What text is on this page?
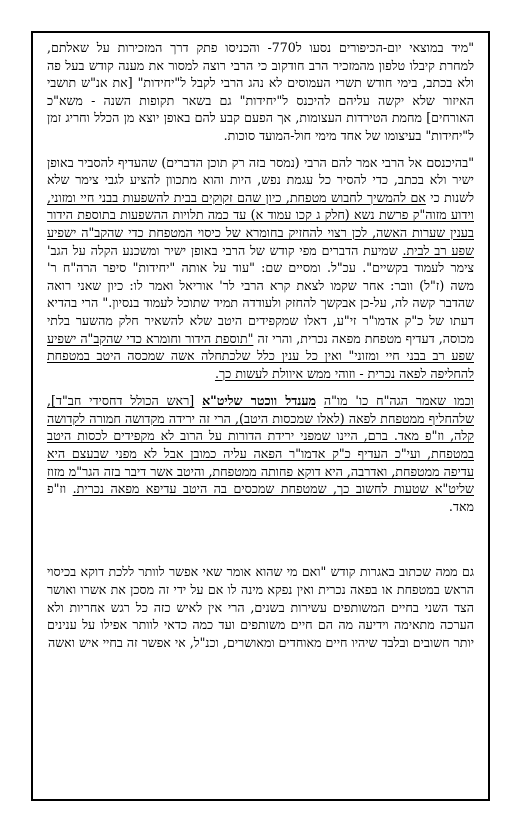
"מיד במוצאי יום-הכיפורים נסעו ל770- והכניסו פתק דרך המזכירות על שאלתם, למחרת קיבלו טלפון מהמזכיר הרב חודקוב כי הרבי רוצה למסור את מענה קודש בעל פה ולא בכתב, בימי חודש תשרי העמוסים לא נהג הרבי לקבל ל"יחידות" [את אנ"ש תושבי האיזור שלא יקשה עליהם להיכנס ל"יחידות" גם בשאר תקופות השנה - משא"כ האורחים] מחמת הטירדות העצומות, אך הפעם קבע להם באופן יוצא מן הכלל וחריג זמן ל"יחידות" בעיצומו של אחד מימי חול-המועד סוכות.

"בהיכנסם אל הרבי אמר להם הרבי (נמסר בזה רק תוכן הדברים) שהעדיף להסביר באופן ישיר ולא בכתב, כדי להסיר כל עגמת נפש, היות והוא מתכוון להציע לגבי צימר שלא לשנות כי אם להמשיך לחבוש מטפחת, כיון שהם זקוקים בבית להשפעות בבני חיי ומזוני, וידוע מזוה"ק פרשת נשא (חלק ג קכו עמוד א) עד כמה תלויות ההשפעות בתוספת הידור בענין שערות האשה, לכן רצוי להחזיק בחומרא של כיסוי המטפחת כדי שהקב"ה ישפיע שפע רב לבית. שמיעת הדברים מפי קודש של הרבי באופן ישיר ומשכנע הקלה על הגב' צימר לעמוד בקשיים". עכ"ל. ומסיים שם: "עוד על אותה "יחידות" סיפר הרה"ח ר' משה (ז"ל) וובר: אחר שקמו לצאת קרא הרבי לר' אוריאל ואמר לו: כיון שאני רואה שהדבר קשה לה, על-כן אבקשך להחזק ולעודדה תמיד שתוכל לעמוד בנסיון." הרי בהדיא דעתו של כ"ק אדמו"ר זי"ע, דאלו שמקפידים היטב שלא להשאיר חלק מהשער בלתי מכוסה, דעדיף מטפחת מפאה נכרית, והרי זה "תוספת הידור וחומרא כדי שהקב"ה ישפיע שפע רב בבני חיי ומזוני" ואין כל ענין כלל שלכתחלה אשה שמכסה היטב במטפחת להחליפה לפאה נכרית - וזוהי ממש איוולת לעשות כך.

וכמו שאמר הגה"ח כו' מו"ה מענדל ווכטר שליט"א [ראש הכולל דחסידי חב"ד], שלהחליף ממטפחת לפאה (לאלו שמכסות היטב), הרי זה ירידה מקדושה חמורה לקדושה קלה, וז"פ מאד. ברם, היינו שמפני ירידת הדורות על הרוב לא מקפידים לכסות היטב במטפחת, ועי"כ העדיף כ"ק אדמו"ר הפאה עליה כמובן אבל לא מפני שבעצם היא עדיפה ממטפחת, ואדרבה, היא דוקא פחותה ממטפחת, והיטב אשר דיבר בזה הגר"מ מזוז שליט"א שטעות לחשוב כך, שמטפחת שמכסים בה היטב עדיפא מפאה נכרית. וז"פ מאד.

גם ממה שכתוב באגרות קודש "ואם מי שהוא אומר שאי אפשר לוותר ללכת דוקא בכיסוי הראש במטפחת או בפאה נכרית ואין נפקא מינה לו אם על ידי זה מסכן את אשרו ואושר הצד השני בחיים המשותפים עשירות בשנים, הרי אין לאיש כזה כל רגש אחריות ולא הערכה מתאימה וידיעה מה הם חיים משותפים ועד כמה כדאי לוותר אפילו על ענינים יותר חשובים ובלבד שיהיו חיים מאוחדים ומאושרים, וכנ"ל, אי אפשר זה בחיי איש ואשה
